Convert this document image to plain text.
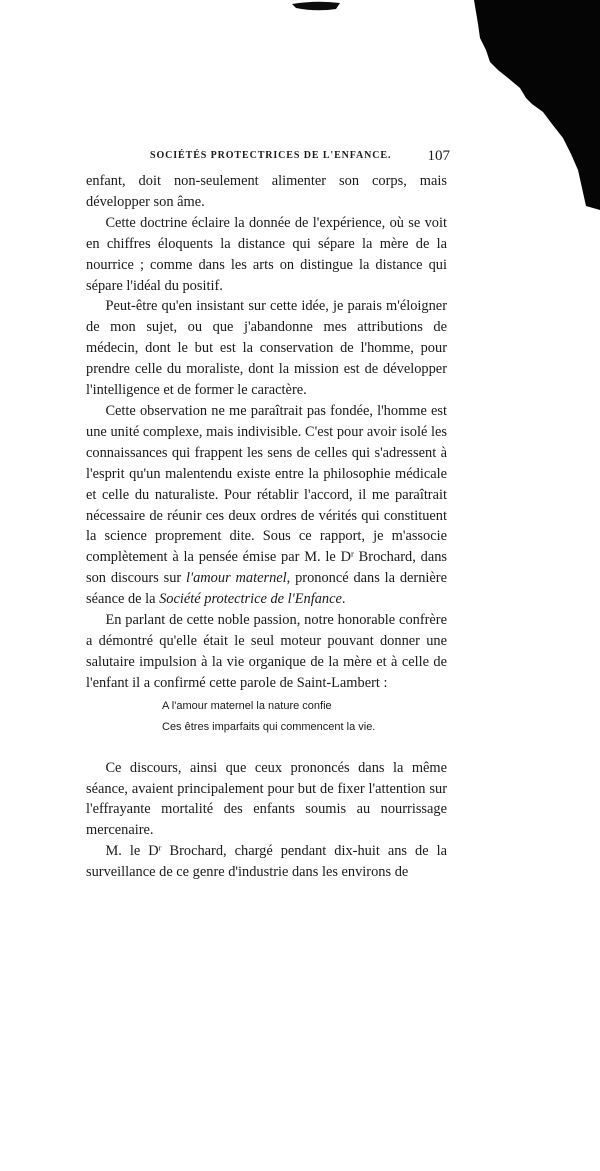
SOCIÉTÉS PROTECTRICES DE L'ENFANCE. 107

enfant, doit non-seulement alimenter son corps, mais développer son âme.

Cette doctrine éclaire la donnée de l'expérience, où se voit en chiffres éloquents la distance qui sépare la mère de la nourrice ; comme dans les arts on distingue la distance qui sépare l'idéal du positif.

Peut-être qu'en insistant sur cette idée, je parais m'éloigner de mon sujet, ou que j'abandonne mes attributions de médecin, dont le but est la conservation de l'homme, pour prendre celle du moraliste, dont la mission est de développer l'intelligence et de former le caractère.

Cette observation ne me paraîtrait pas fondée, l'homme est une unité complexe, mais indivisible. C'est pour avoir isolé les connaissances qui frappent les sens de celles qui s'adressent à l'esprit qu'un malentendu existe entre la philosophie médicale et celle du naturaliste. Pour rétablir l'accord, il me paraîtrait nécessaire de réunir ces deux ordres de vérités qui constituent la science proprement dite. Sous ce rapport, je m'associe complètement à la pensée émise par M. le $D^r$ Brochard, dans son discours sur l'amour maternel, prononcé dans la dernière séance de la Société protectrice de l'Enfance.

En parlant de cette noble passion, notre honorable confrère a démontré qu'elle était le seul moteur pouvant donner une salutaire impulsion à la vie organique de la mère et à celle de l'enfant il a confirmé cette parole de Saint-Lambert :

A l'amour maternel la nature confie
Ces êtres imparfaits qui commencent la vie.

Ce discours, ainsi que ceux prononcés dans la même séance, avaient principalement pour but de fixer l'attention sur l'effrayante mortalité des enfants soumis au nourrissage mercenaire.

M. le $D^r$ Brochard, chargé pendant dix-huit ans de la surveillance de ce genre d'industrie dans les environs de
